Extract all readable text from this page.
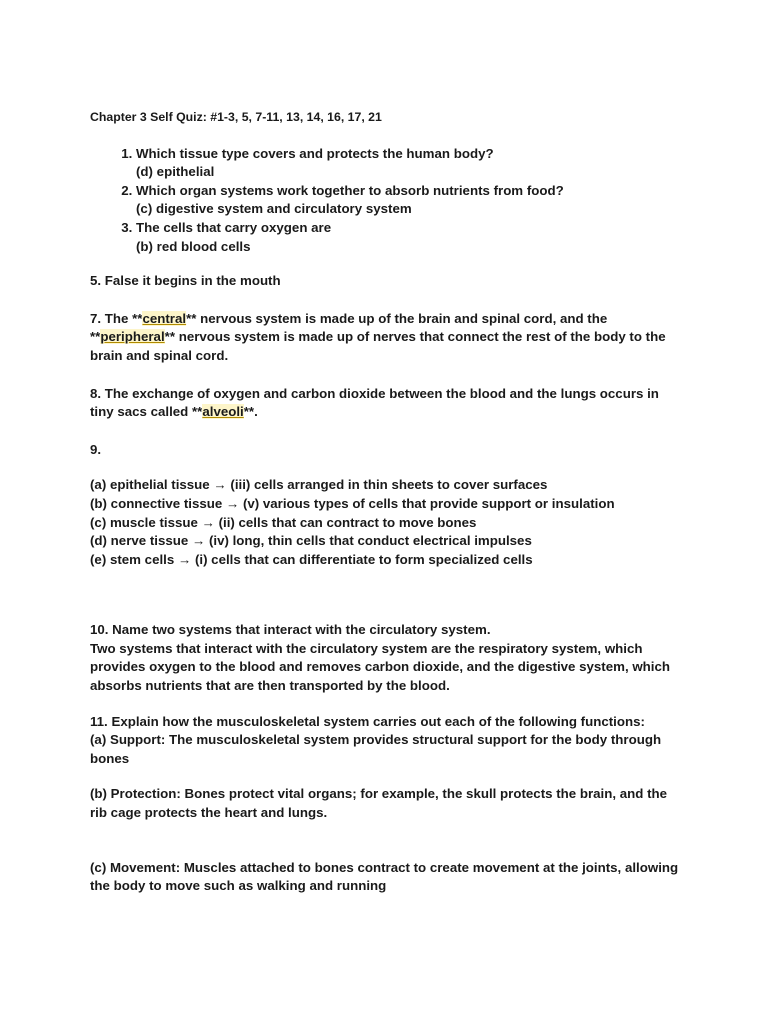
Chapter 3 Self Quiz: #1-3, 5, 7-11, 13, 14, 16, 17, 21

1. Which tissue type covers and protects the human body?
(d) epithelial
2. Which organ systems work together to absorb nutrients from food?
(c) digestive system and circulatory system
3. The cells that carry oxygen are
(b) red blood cells

5. False it begins in the mouth

7. The **central** nervous system is made up of the brain and spinal cord, and the **peripheral** nervous system is made up of nerves that connect the rest of the body to the brain and spinal cord.

8. The exchange of oxygen and carbon dioxide between the blood and the lungs occurs in tiny sacs called **alveoli**.

9.

(a) epithelial tissue → (iii) cells arranged in thin sheets to cover surfaces
(b) connective tissue → (v) various types of cells that provide support or insulation
(c) muscle tissue → (ii) cells that can contract to move bones
(d) nerve tissue → (iv) long, thin cells that conduct electrical impulses
(e) stem cells → (i) cells that can differentiate to form specialized cells

10. Name two systems that interact with the circulatory system.

Two systems that interact with the circulatory system are the respiratory system, which provides oxygen to the blood and removes carbon dioxide, and the digestive system, which absorbs nutrients that are then transported by the blood.

11. Explain how the musculoskeletal system carries out each of the following functions:

(a) Support: The musculoskeletal system provides structural support for the body through bones

(b) Protection: Bones protect vital organs; for example, the skull protects the brain, and the rib cage protects the heart and lungs.

(c) Movement: Muscles attached to bones contract to create movement at the joints, allowing the body to move such as walking and running
